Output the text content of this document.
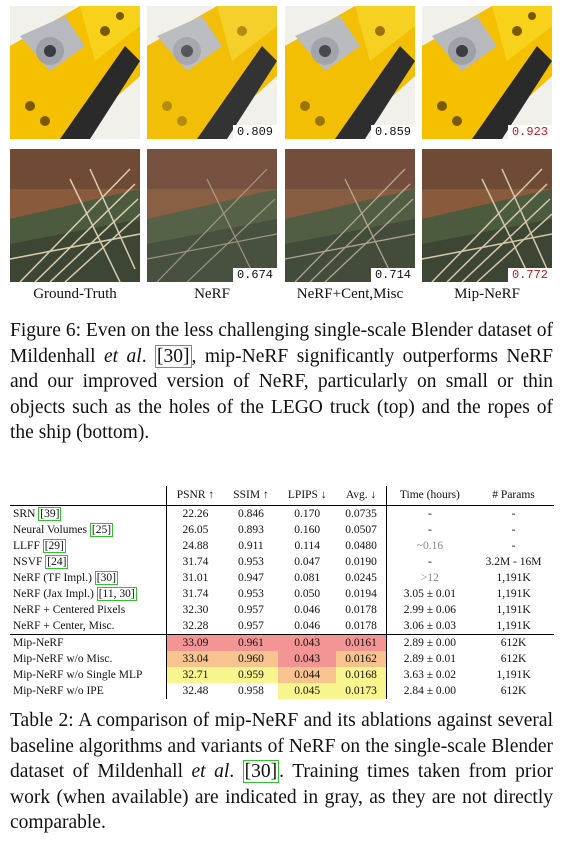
0.809	0.859	0.923
0.674	0.714	0.772
Ground-Truth	NeRF	NeRF+Cent,Misc	Mip-NeRF
Figure 6: Even on the less challenging single-scale Blender dataset of Mildenhall et al. [30] , mip-NeRF significantly outperforms NeRF and our improved version of NeRF, particularly on small or thin objects such as the holes of the LEGO truck (top) and the ropes of the ship (bottom).
	PSNR ↑	SSIM ↑	LPIPS ↓	Avg. ↓	Time (hours)	# Params
SRN [39]	22.26	0.846	0.170	0.0735	-	-
Neural Volumes [25]	26.05	0.893	0.160	0.0507	-	-
LLFF [29]	24.88	0.911	0.114	0.0480	~0.16	-
NSVF [24]	31.74	0.953	0.047	0.0190	-	3.2M - 16M
NeRF (TF Impl.) [30]	31.01	0.947	0.081	0.0245	>12	1,191K
NeRF (Jax Impl.) [11, 30]	31.74	0.953	0.050	0.0194	3.05 ± 0.01	1,191K
NeRF + Centered Pixels	32.30	0.957	0.046	0.0178	2.99 ± 0.06	1,191K
NeRF + Center, Misc.	32.28	0.957	0.046	0.0178	3.06 ± 0.03	1,191K
Mip-NeRF	33.09	0.961	0.043	0.0161	2.89 ± 0.00	612K
Mip-NeRF w/o Misc.	33.04	0.960	0.043	0.0162	2.89 ± 0.01	612K
Mip-NeRF w/o Single MLP	32.71	0.959	0.044	0.0168	3.63 ± 0.02	1,191K
Mip-NeRF w/o IPE	32.48	0.958	0.045	0.0173	2.84 ± 0.00	612K
Table 2: A comparison of mip-NeRF and its ablations against several baseline algorithms and variants of NeRF on the single-scale Blender dataset of Mildenhall et al. [30] . Training times taken from prior work (when available) are indicated in gray, as they are not directly comparable.
